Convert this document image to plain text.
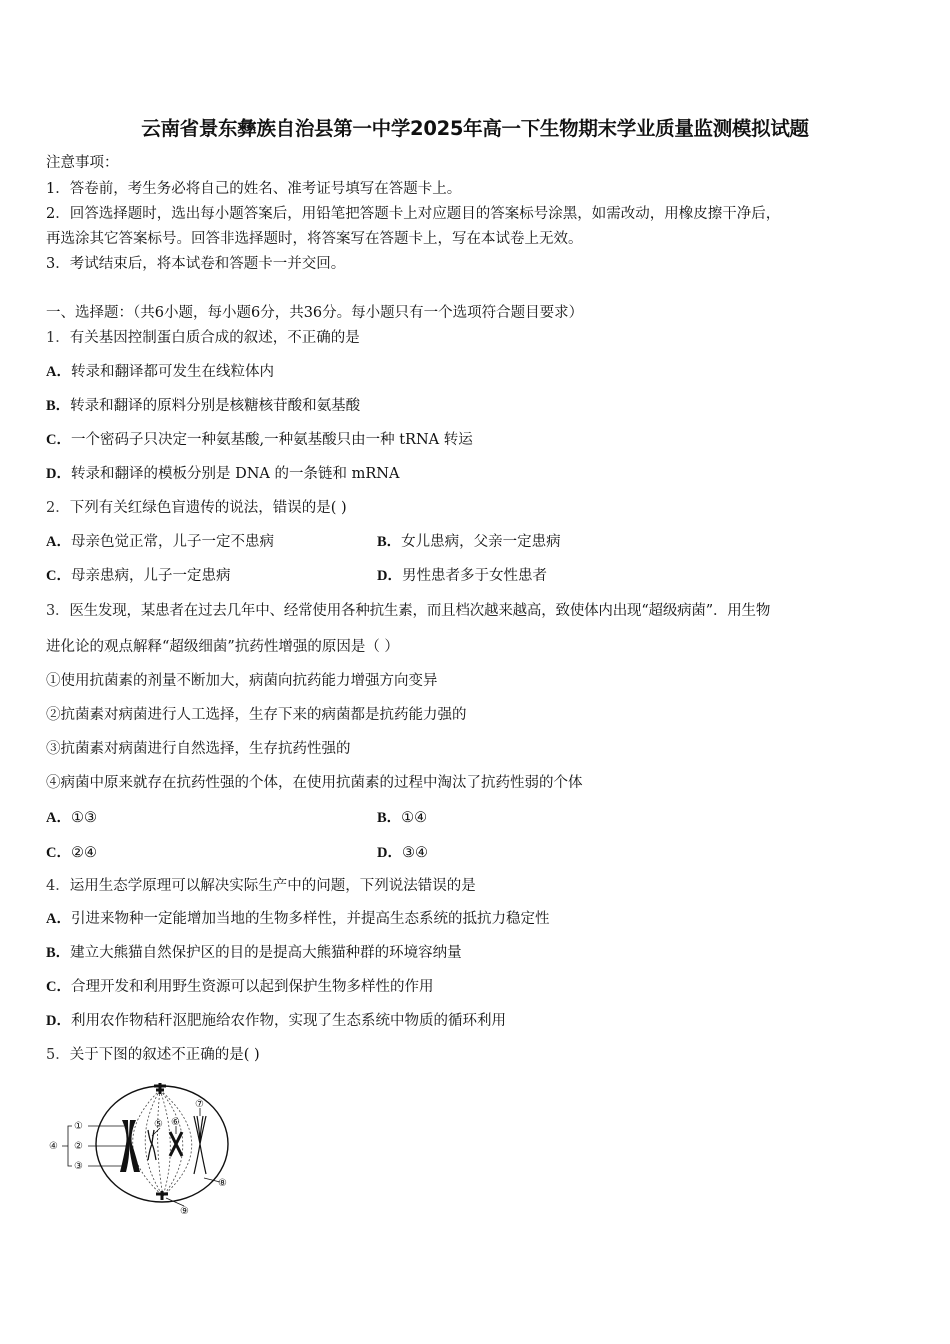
云南省景东彝族自治县第一中学2025年高一下生物期末学业质量监测模拟试题
注意事项：
1．答卷前，考生务必将自己的姓名、准考证号填写在答题卡上。
2．回答选择题时，选出每小题答案后，用铅笔把答题卡上对应题目的答案标号涂黑，如需改动，用橡皮擦干净后，
再选涂其它答案标号。回答非选择题时，将答案写在答题卡上，写在本试卷上无效。
3．考试结束后，将本试卷和答题卡一并交回。
一、选择题：（共6小题，每小题6分，共36分。每小题只有一个选项符合题目要求）
1．有关基因控制蛋白质合成的叙述，不正确的是
A．转录和翻译都可发生在线粒体内
B．转录和翻译的原料分别是核糖核苷酸和氨基酸
C．一个密码子只决定一种氨基酸,一种氨基酸只由一种 tRNA 转运
D．转录和翻译的模板分别是 DNA 的一条链和 mRNA
2．下列有关红绿色盲遗传的说法，错误的是( )
A．母亲色觉正常，儿子一定不患病	B．女儿患病，父亲一定患病
C．母亲患病，儿子一定患病	D．男性患者多于女性患者
3．医生发现，某患者在过去几年中、经常使用各种抗生素，而且档次越来越高，致使体内出现“超级病菌”．用生物
进化论的观点解释“超级细菌”抗药性增强的原因是（ ）
①使用抗菌素的剂量不断加大，病菌向抗药能力增强方向变异
②抗菌素对病菌进行人工选择，生存下来的病菌都是抗药能力强的
③抗菌素对病菌进行自然选择，生存抗药性强的
④病菌中原来就存在抗药性强的个体，在使用抗菌素的过程中淘汰了抗药性弱的个体
A．①③	B．①④
C．②④	D．③④
4．运用生态学原理可以解决实际生产中的问题，下列说法错误的是
A．引进来物种一定能增加当地的生物多样性，并提高生态系统的抵抗力稳定性
B．建立大熊猫自然保护区的目的是提高大熊猫种群的环境容纳量
C．合理开发和利用野生资源可以起到保护生物多样性的作用
D．利用农作物秸秆沤肥施给农作物，实现了生态系统中物质的循环利用
5．关于下图的叙述不正确的是( )
①
②
③
④
⑤ ⑥
⑦
⑧
⑨
